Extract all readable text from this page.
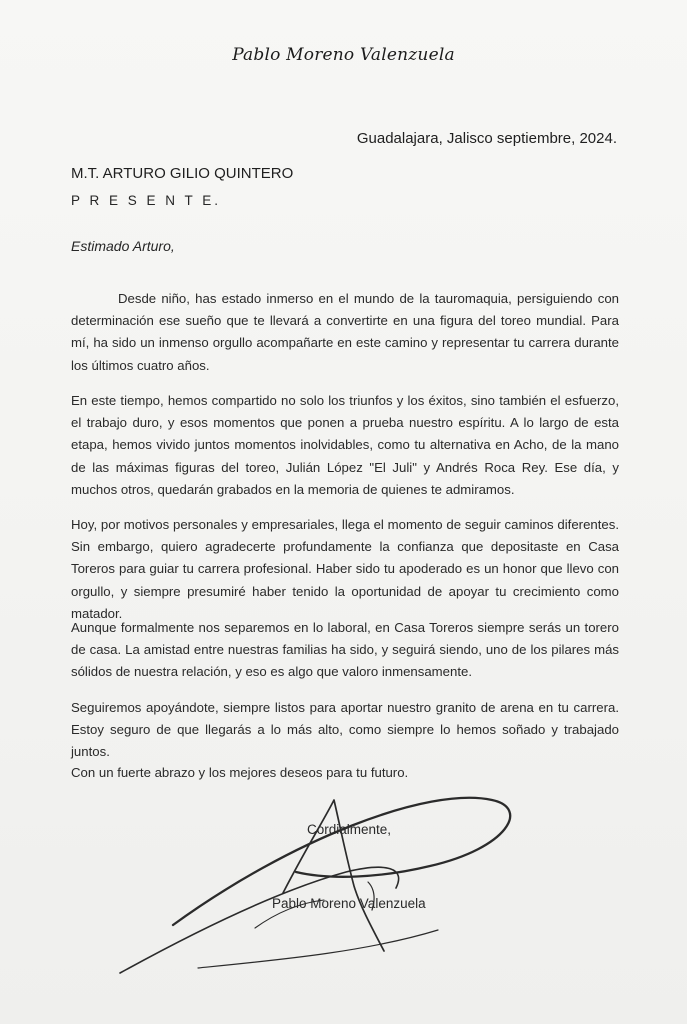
Pablo Moreno Valenzuela
Guadalajara, Jalisco septiembre, 2024.
M.T. ARTURO GILIO QUINTERO
P R E S E N T E.
Estimado Arturo,

Desde niño, has estado inmerso en el mundo de la tauromaquia, persiguiendo con determinación ese sueño que te llevará a convertirte en una figura del toreo mundial. Para mí, ha sido un inmenso orgullo acompañarte en este camino y representar tu carrera durante los últimos cuatro años.

En este tiempo, hemos compartido no solo los triunfos y los éxitos, sino también el esfuerzo, el trabajo duro, y esos momentos que ponen a prueba nuestro espíritu. A lo largo de esta etapa, hemos vivido juntos momentos inolvidables, como tu alternativa en Acho, de la mano de las máximas figuras del toreo, Julián López "El Juli" y Andrés Roca Rey. Ese día, y muchos otros, quedarán grabados en la memoria de quienes te admiramos.

Hoy, por motivos personales y empresariales, llega el momento de seguir caminos diferentes. Sin embargo, quiero agradecerte profundamente la confianza que depositaste en Casa Toreros para guiar tu carrera profesional. Haber sido tu apoderado es un honor que llevo con orgullo, y siempre presumiré haber tenido la oportunidad de apoyar tu crecimiento como matador.

Aunque formalmente nos separemos en lo laboral, en Casa Toreros siempre serás un torero de casa. La amistad entre nuestras familias ha sido, y seguirá siendo, uno de los pilares más sólidos de nuestra relación, y eso es algo que valoro inmensamente.

Seguiremos apoyándote, siempre listos para aportar nuestro granito de arena en tu carrera. Estoy seguro de que llegarás a lo más alto, como siempre lo hemos soñado y trabajado juntos.

Con un fuerte abrazo y los mejores deseos para tu futuro.

Cordialmente,
Pablo Moreno Valenzuela
